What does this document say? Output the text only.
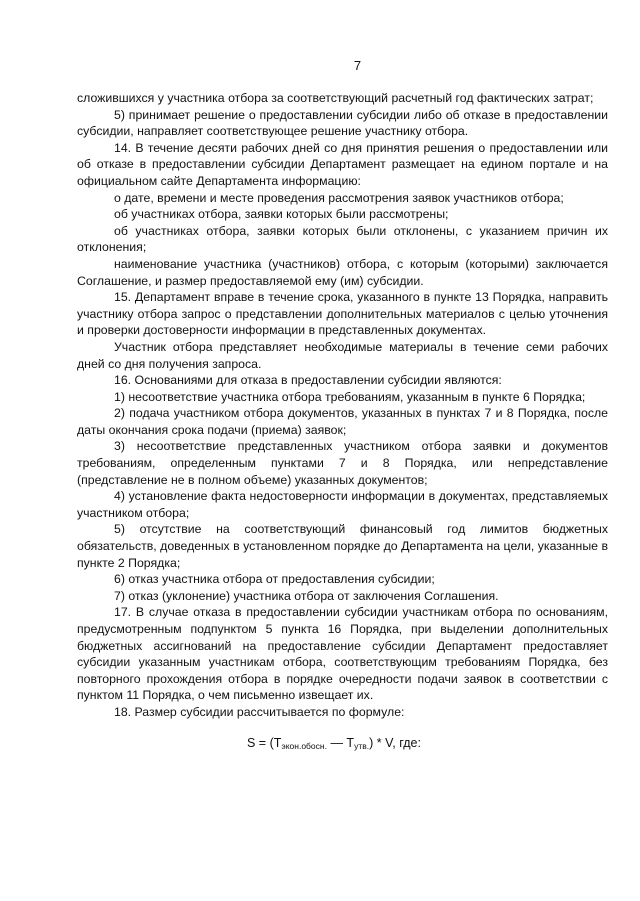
7

сложившихся у участника отбора за соответствующий расчетный год фактических затрат;

5) принимает решение о предоставлении субсидии либо об отказе в предоставлении субсидии, направляет соответствующее решение участнику отбора.

14. В течение десяти рабочих дней со дня принятия решения о предоставлении или об отказе в предоставлении субсидии Департамент размещает на едином портале и на официальном сайте Департамента информацию:

о дате, времени и месте проведения рассмотрения заявок участников отбора;

об участниках отбора, заявки которых были рассмотрены;

об участниках отбора, заявки которых были отклонены, с указанием причин их отклонения;

наименование участника (участников) отбора, с которым (которыми) заключается Соглашение, и размер предоставляемой ему (им) субсидии.

15. Департамент вправе в течение срока, указанного в пункте 13 Порядка, направить участнику отбора запрос о представлении дополнительных материалов с целью уточнения и проверки достоверности информации в представленных документах.

Участник отбора представляет необходимые материалы в течение семи рабочих дней со дня получения запроса.

16. Основаниями для отказа в предоставлении субсидии являются:

1) несоответствие участника отбора требованиям, указанным в пункте 6 Порядка;

2) подача участником отбора документов, указанных в пунктах 7 и 8 Порядка, после даты окончания срока подачи (приема) заявок;

3) несоответствие представленных участником отбора заявки и документов требованиям, определенным пунктами 7 и 8 Порядка, или непредставление (представление не в полном объеме) указанных документов;

4) установление факта недостоверности информации в документах, представляемых участником отбора;

5) отсутствие на соответствующий финансовый год лимитов бюджетных обязательств, доведенных в установленном порядке до Департамента на цели, указанные в пункте 2 Порядка;

6) отказ участника отбора от предоставления субсидии;

7) отказ (уклонение) участника отбора от заключения Соглашения.

17. В случае отказа в предоставлении субсидии участникам отбора по основаниям, предусмотренным подпунктом 5 пункта 16 Порядка, при выделении дополнительных бюджетных ассигнований на предоставление субсидии Департамент предоставляет субсидии указанным участникам отбора, соответствующим требованиям Порядка, без повторного прохождения отбора в порядке очередности подачи заявок в соответствии с пунктом 11 Порядка, о чем письменно извещает их.

18. Размер субсидии рассчитывается по формуле:

$S = (T_{экон.обосн.}$ — $T_{утв.}$) * V, где:
